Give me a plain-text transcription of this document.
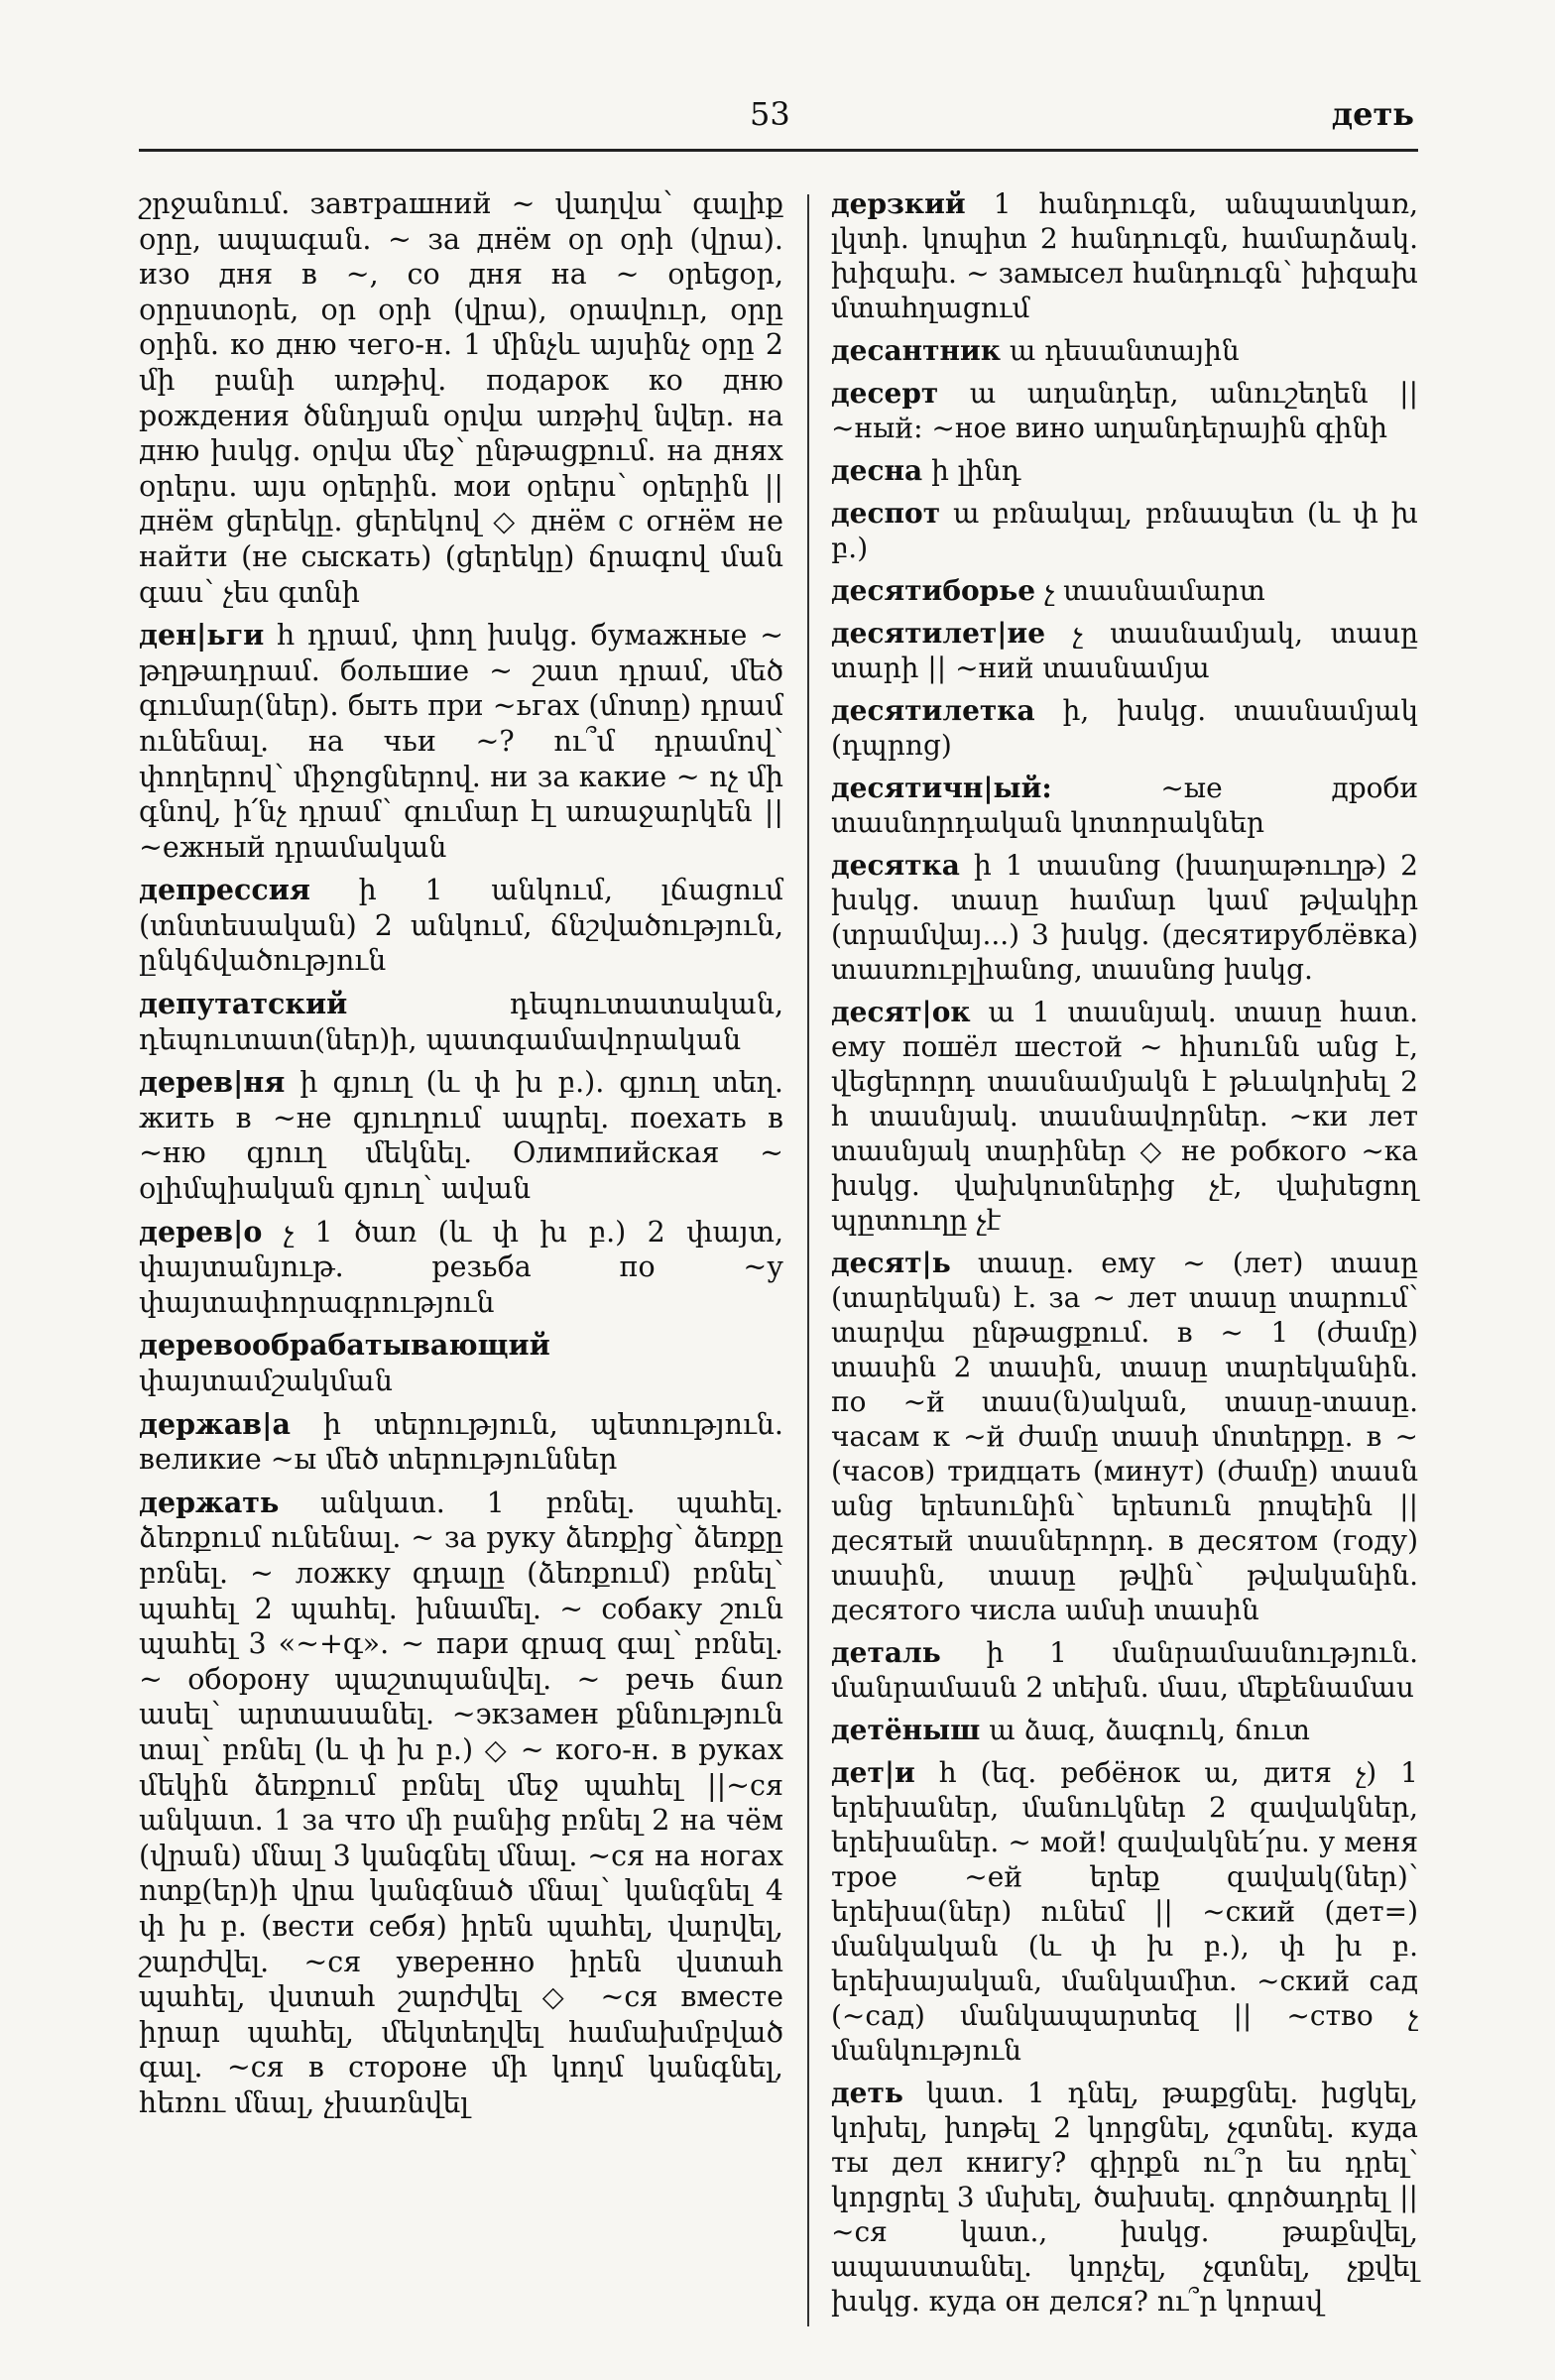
53	деть

շրջանում. завтрашний ~ վաղվա՝ գալիք օրը, ապագան. ~ за днём օր օրի (վրա). изо дня в ~, со дня на ~ օրեցօր, օրըստօրե, օր օրի (վրա), օրավուր, օրը օրին. ко дню чего-н. 1 մինչև այսինչ օրը 2 մի բանի առթիվ. подарок ко дню рождения ծննդյան օրվա առթիվ նվեր. на дню խսկց. օրվա մեջ՝ ընթացքում. на днях օրերս. այս օրերին. мои օրերս՝ օրերին || днём ցերեկը. ցերեկով ◇ днём с огнём не найти (не сыскать) (ցերեկը) ճրագով ման գաս՝ չես գտնի

ден|ьги հ դրամ, փող խսկց. бумажные ~ թղթադրամ. большие ~ շատ դրամ, մեծ գումար(ներ). быть при ~ьгах (մոտը) դրամ ունենալ. на чьи ~? ու՞մ դրամով՝ փողերով՝ միջոցներով. ни за какие ~ ոչ մի գնով, ի՛նչ դրամ՝ գումար էլ առաջարկեն || ~ежный դրամական

депрессия ի 1 անկում, լճացում (տնտեսական) 2 անկում, ճնշվածություն, ընկճվածություն

депутатский	դեպուտատական, դեպուտատ(ներ)ի, պատգամավորական

дерев|ня ի գյուղ (և փ խ բ.). գյուղ տեղ. жить в ~не գյուղում ապրել. поехать в ~ню գյուղ մեկնել. Олимпийская ~ օլիմպիական գյուղ՝ ավան

дерев|о չ 1 ծառ (և փ խ բ.) 2 փայտ, փայտանյութ. резьба по ~у փայտափորագրություն

деревообрабатывающий փայտամշակման

держав|а ի տերություն, պետություն. великие ~ы մեծ տերություններ

держать անկատ. 1 բռնել. պահել. ձեռքում ունենալ. ~ за руку ձեռքից՝ ձեռքը բռնել. ~ ложку գդալը (ձեռքում) բռնել՝ պահել 2 պահել. խնամել. ~ собаку շուն պահել 3 «~+գ». ~ пари գրազ գալ՝ բռնել. ~ оборону պաշտպանվել. ~ речь ճառ ասել՝ արտասանել. ~экзамен քննություն տալ՝ բռնել (և փ խ բ.) ◇ ~ кого-н. в руках մեկին ձեռքում բռնել մեջ պահել ||~ся անկատ. 1 за что մի բանից բռնել 2 на чём (վրան) մնալ 3 կանգնել մնալ. ~ся на ногах ոտք(եր)ի վրա կանգնած մնալ՝ կանգնել 4 փ խ բ. (вести себя) իրեն պահել, վարվել, շարժվել. ~ся уверенно իրեն վստահ պահել, վստահ շարժվել ◇ ~ся вместе իրար պահել, մեկտեղվել համախմբված գալ. ~ся в стороне մի կողմ կանգնել, հեռու մնալ, չխառնվել

дерзкий 1 հանդուգն, անպատկառ, լկտի. կոպիտ 2 հանդուգն, համարձակ. խիզախ. ~ замысел հանդուգն՝ խիզախ մտահղացում

десантник ա դեսանտային

десерт ա աղանդեր, անուշեղեն || ~ный: ~ное вино աղանդերային գինի

десна ի լինդ

деспот ա բռնակալ, բռնապետ (և փ խ բ.)

десятиборье չ տասնամարտ

десятилет|ие չ տասնամյակ, տասը տարի || ~ний տասնամյա

десятилетка ի, խսկց. տասնամյակ (դպրոց)

десятичн|ый:	~ые дроби տասնորդական կոտորակներ

десятка ի 1 տասնոց (խաղաթուղթ) 2 խսկց. տասը համար կամ թվակիր (տրամվայ...) 3 խսկց. (десятирублёвка) տասռուբլիանոց, տասնոց խսկց.

десят|ок ա 1 տասնյակ. տասը հատ. ему пошёл шестой ~ հիսունն անց է, վեցերորդ տասնամյակն է թևակոխել 2 հ տասնյակ. տասնավորներ. ~ки лет տասնյակ տարիներ ◇ не робкого ~ка խսկց. վախկոտներից չէ, վախեցող պըտուղը չէ

десят|ь տասը. ему ~ (лет) տասը (տարեկան) է. за ~ лет տասը տարում՝ տարվա ընթացքում. в ~ 1 (ժամը) տասին 2 տասին, տասը տարեկանին. по ~й տաս(ն)ական, տասը-տասը. часам к ~й ժամը տասի մոտերքը. в ~ (часов) тридцать (минут) (ժամը) տասն անց երեսունին՝ երեսուն րոպեին || десятый տասներորդ. в десятом (году) տասին, տասը թվին՝ թվականին. десятого числа ամսի տասին

деталь ի 1 մանրամասնություն. մանրամասն 2 տեխն. մաս, մեքենամաս

детёныш ա ձագ, ձագուկ, ճուտ

дет|и հ (եզ. ребёнок ա, дитя չ) 1 երեխաներ, մանուկներ 2 զավակներ, երեխաներ. ~ мой! զավակնե՛րս. у меня трое ~ей երեք զավակ(ներ)՝ երեխա(ներ) ունեմ || ~ский (дет=) մանկական (և փ խ բ.), փ խ բ. երեխայական, մանկամիտ. ~ский сад (~сад) մանկապարտեզ || ~ство չ մանկություն

деть կատ. 1 դնել, թաքցնել. խցկել, կոխել, խոթել 2 կորցնել, չգտնել. куда ты дел книгу? գիրքն ու՞ր ես դրել՝ կորցրել 3 մսխել, ծախսել. գործադրել || ~ся կատ., խսկց. թաքնվել, ապաստանել. կորչել, չգտնել, չքվել խսկց. куда он делся? ու՞ր կորավ
